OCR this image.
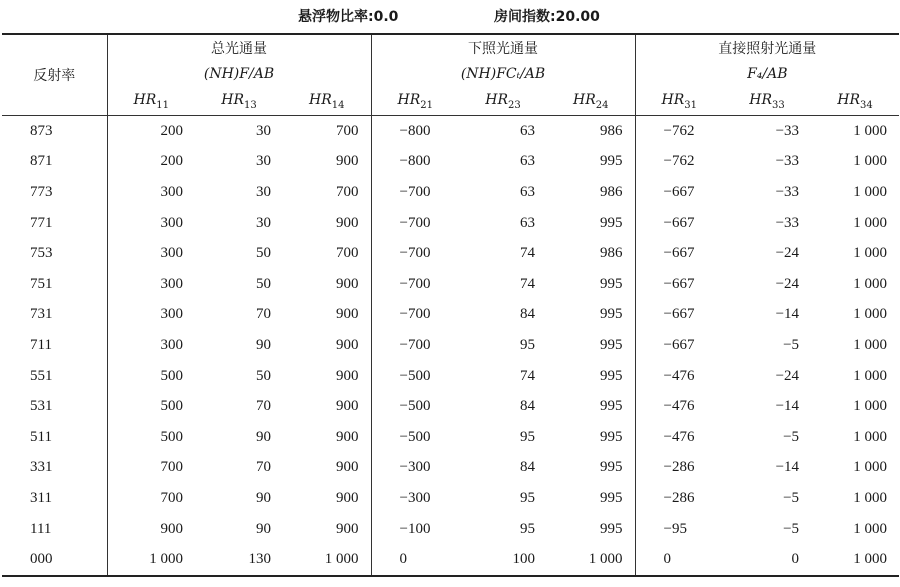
悬浮物比率:0.0	房间指数:20.00
反射率	总光通量			下照光通量			直接照射光通量		
	(NH)F/AB			(NH)FCₜ/AB			F₄/AB		
	$HR_{11}$	$HR_{13}$	$HR_{14}$	$HR_{21}$	$HR_{23}$	$HR_{24}$	$HR_{31}$	$HR_{33}$	$HR_{34}$
873	200	30	700	−800	63	986	−762	−33	1 000
871	200	30	900	−800	63	995	−762	−33	1 000
773	300	30	700	−700	63	986	−667	−33	1 000
771	300	30	900	−700	63	995	−667	−33	1 000
753	300	50	700	−700	74	986	−667	−24	1 000
751	300	50	900	−700	74	995	−667	−24	1 000
731	300	70	900	−700	84	995	−667	−14	1 000
711	300	90	900	−700	95	995	−667	−5	1 000
551	500	50	900	−500	74	995	−476	−24	1 000
531	500	70	900	−500	84	995	−476	−14	1 000
511	500	90	900	−500	95	995	−476	−5	1 000
331	700	70	900	−300	84	995	−286	−14	1 000
311	700	90	900	−300	95	995	−286	−5	1 000
111	900	90	900	−100	95	995	−95	−5	1 000
000	1 000	130	1 000	0	100	1 000	0	0	1 000
